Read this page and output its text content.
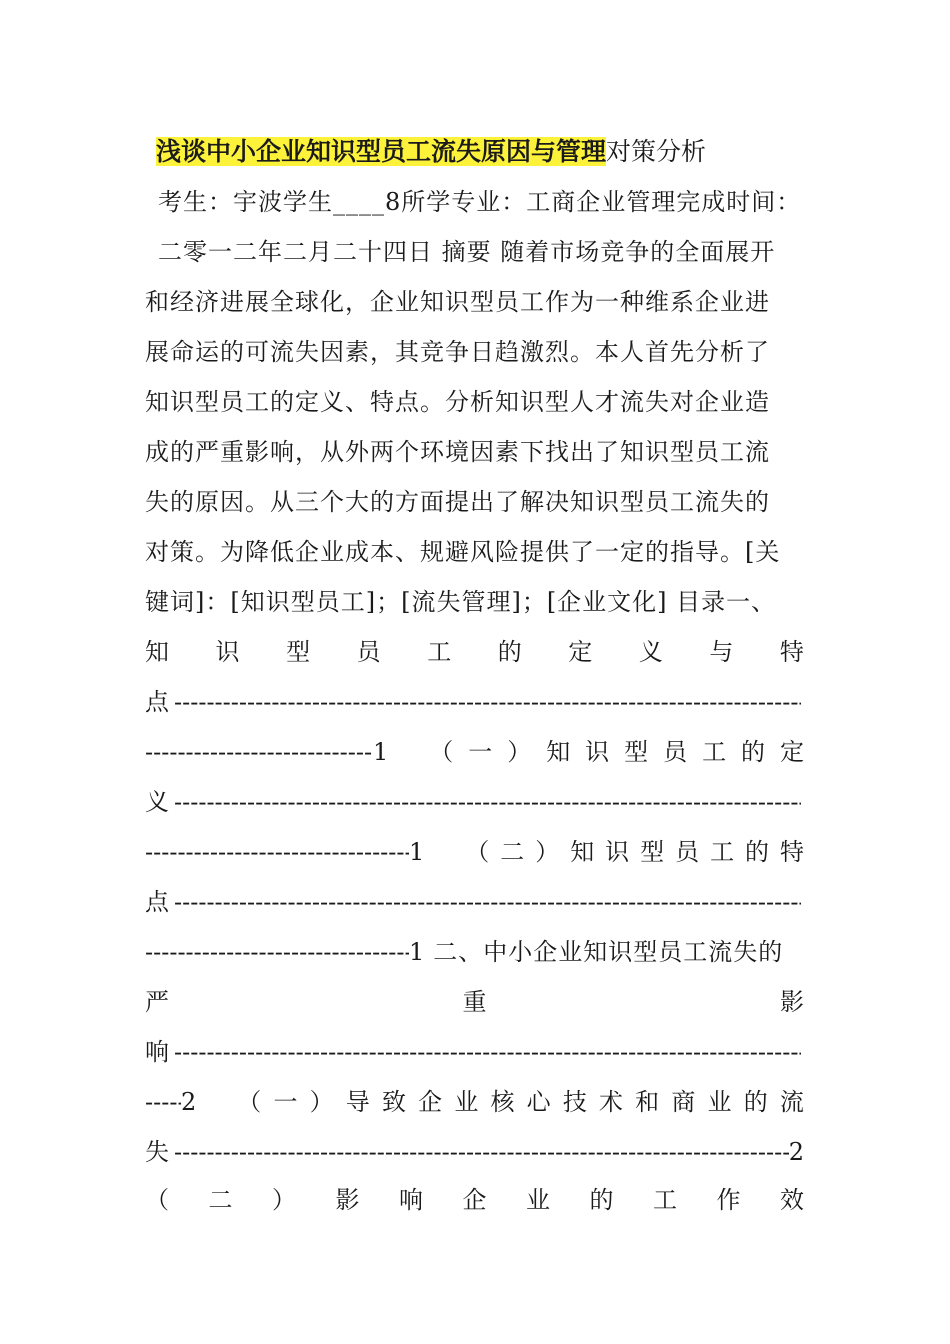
浅谈中小企业知识型员工流失原因与管理对策分析
考生：宇波学生____8所学专业：工商企业管理完成时间：
二零一二年二月二十四日 摘要 随着市场竞争的全面展开
和经济进展全球化，企业知识型员工作为一种维系企业进
展命运的可流失因素，其竞争日趋激烈。本人首先分析了
知识型员工的定义、特点。分析知识型人才流失对企业造
成的严重影响，从外两个环境因素下找出了知识型员工流
失的原因。从三个大的方面提出了解决知识型员工流失的
对策。为降低企业成本、规避风险提供了一定的指导。[关
键词]：[知识型员工]；[流失管理]；[企业文化] 目录一、
知 识 型 员 工 的 定 义 与 特
点
-----
-----
1 （ 一 ） 知 识 型 员 工 的 定
义
-----
-----
1 （ 二 ） 知 识 型 员 工 的 特
点
-----
-----
1 二、中小企业知识型员工流失的
严	重	影
响
-----
-----
2 （ 一 ） 导 致 企 业 核 心 技 术 和 商 业 的 流
失
-----	2
（ 二 ） 影 响 企 业 的 工 作 效
